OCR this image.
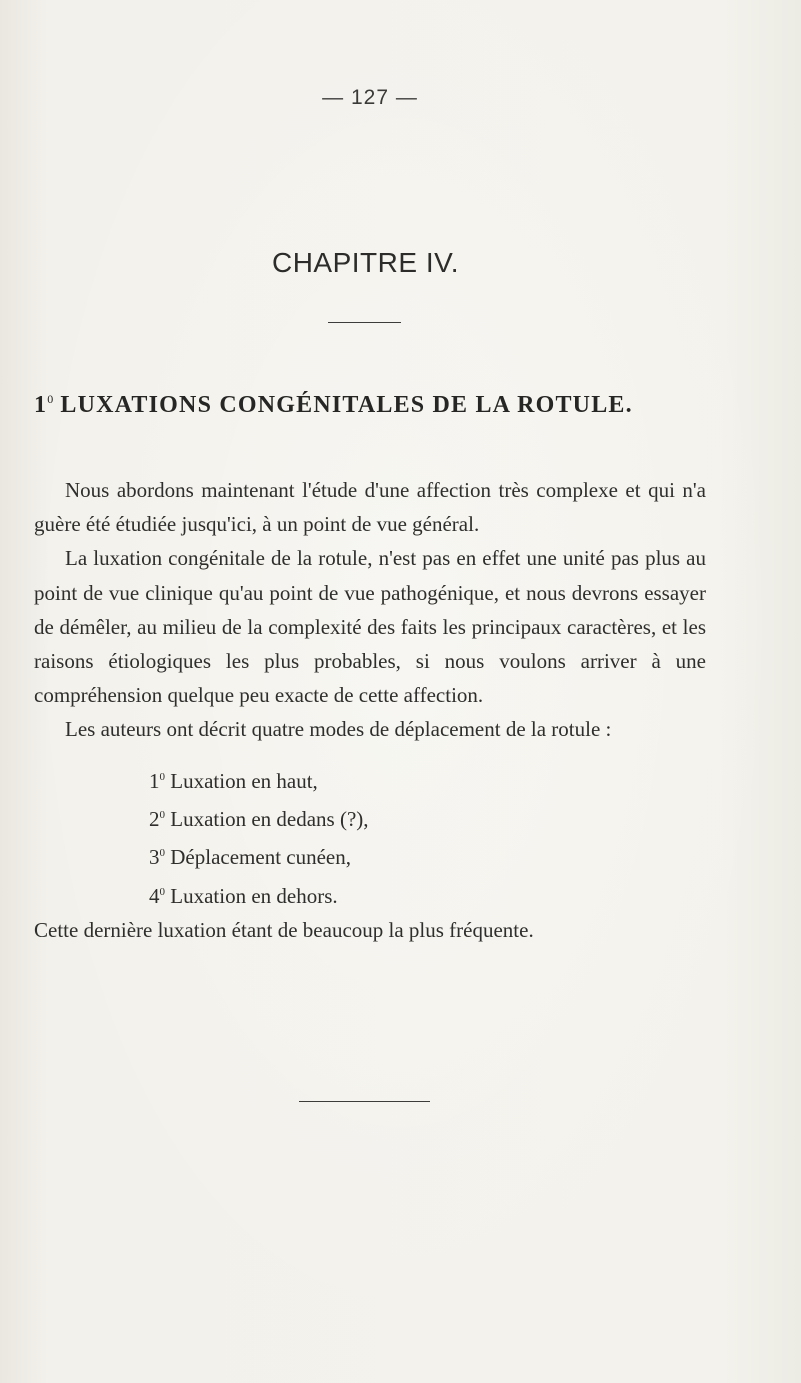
— 127 —
CHAPITRE IV.
$1^0$ LUXATIONS CONGÉNITALES DE LA ROTULE.

Nous abordons maintenant l'étude d'une affection très complexe et qui n'a guère été étudiée jusqu'ici, à un point de vue général.

La luxation congénitale de la rotule, n'est pas en effet une unité pas plus au point de vue clinique qu'au point de vue pathogénique, et nous devrons essayer de démêler, au milieu de la complexité des faits les principaux caractères, et les raisons étiologiques les plus probables, si nous voulons arriver à une compréhension quelque peu exacte de cette affection.

Les auteurs ont décrit quatre modes de déplacement de la rotule :

$1^0$ Luxation en haut,
$2^0$ Luxation en dedans (?),
$3^0$ Déplacement cunéen,
$4^0$ Luxation en dehors.

Cette dernière luxation étant de beaucoup la plus fréquente.
